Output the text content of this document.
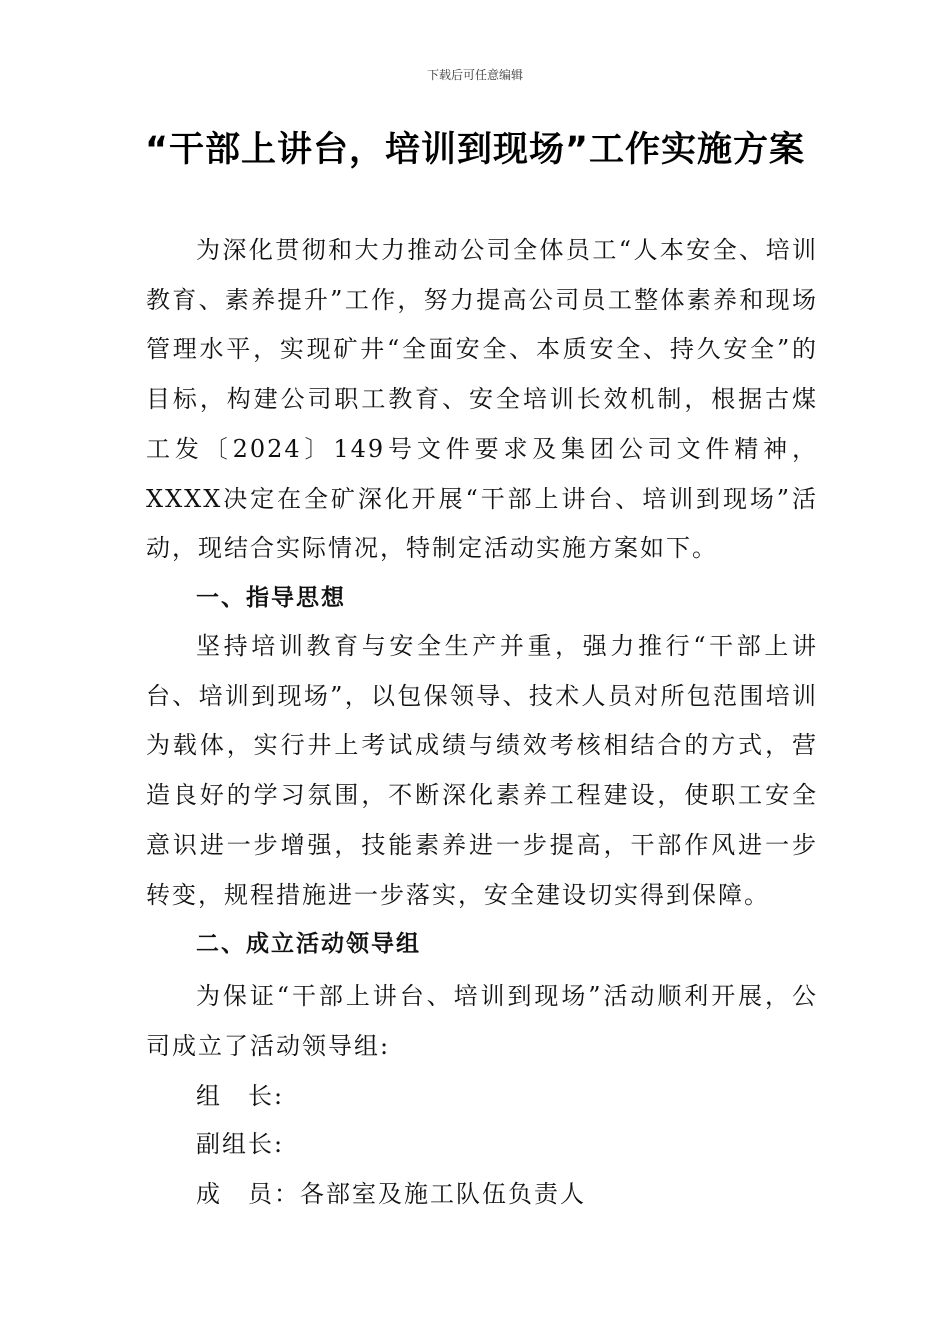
下载后可任意编辑
“干部上讲台，培训到现场”工作实施方案

为深化贯彻和大力推动公司全体员工“人本安全、培训教育、素养提升”工作，努力提高公司员工整体素养和现场管理水平，实现矿井“全面安全、本质安全、持久安全”的目标，构建公司职工教育、安全培训长效机制，根据古煤工发〔2024〕149号文件要求及集团公司文件精神，XXXX决定在全矿深化开展“干部上讲台、培训到现场”活动，现结合实际情况，特制定活动实施方案如下。

一、指导思想

坚持培训教育与安全生产并重，强力推行“干部上讲台、培训到现场”，以包保领导、技术人员对所包范围培训为载体，实行井上考试成绩与绩效考核相结合的方式，营造良好的学习氛围，不断深化素养工程建设，使职工安全意识进一步增强，技能素养进一步提高，干部作风进一步转变，规程措施进一步落实，安全建设切实得到保障。

二、成立活动领导组

为保证“干部上讲台、培训到现场”活动顺利开展，公司成立了活动领导组:

组　长:
副组长:
成　员：各部室及施工队伍负责人
